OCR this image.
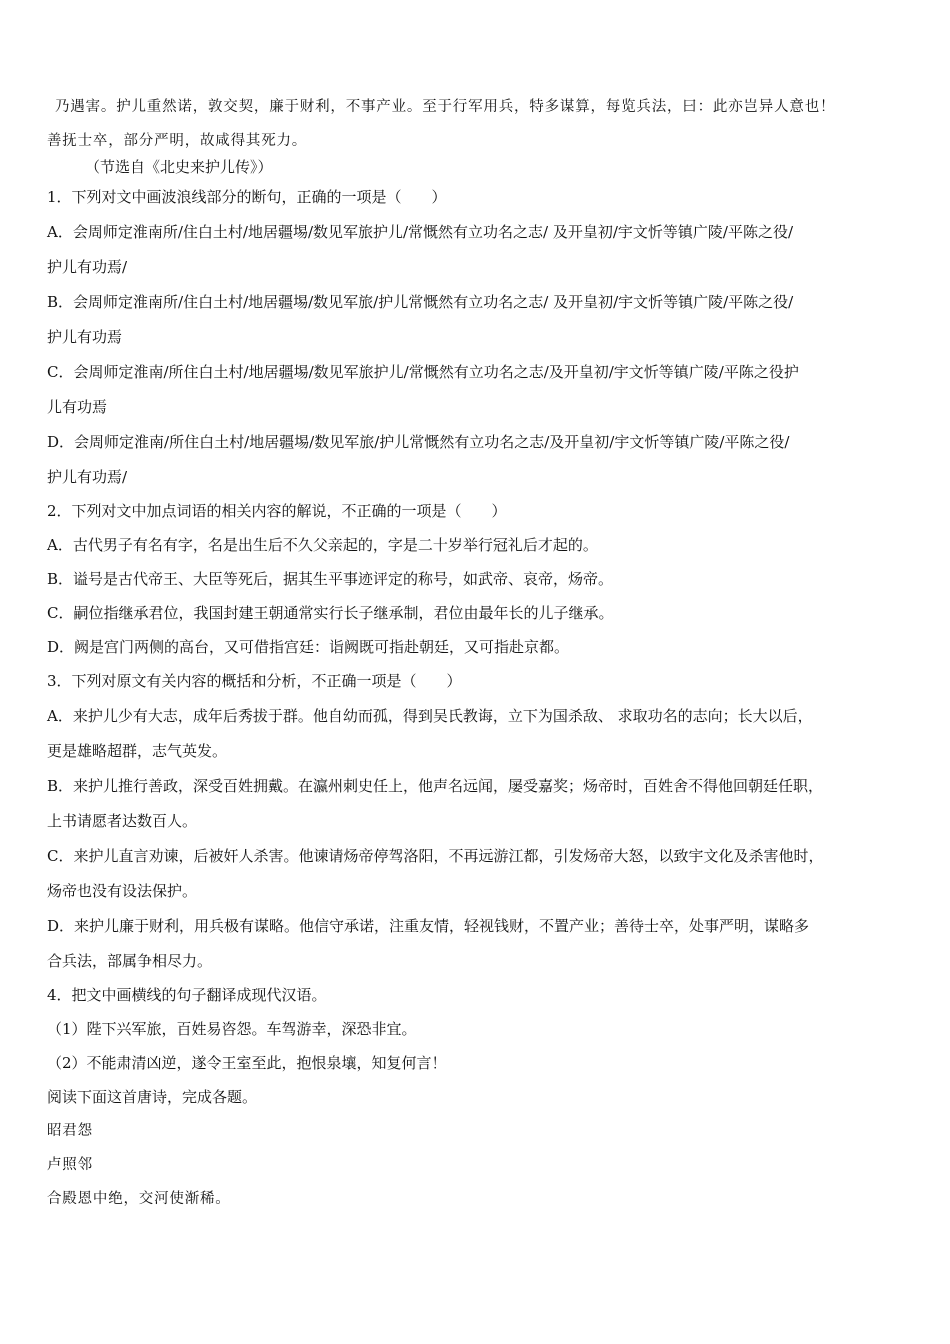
乃遇害。护儿重然诺，敦交契，廉于财利，不事产业。至于行军用兵，特多谋算，每览兵法，曰：此亦岂异人意也！

善抚士卒，部分严明，故咸得其死力。

（节选自《北史来护儿传》）

1．下列对文中画波浪线部分的断句，正确的一项是（　　）

A．会周师定淮南所/住白土村/地居疆埸/数见军旅护儿/常慨然有立功名之志/ 及开皇初/宇文忻等镇广陵/平陈之役/

护儿有功焉/

B．会周师定淮南所/住白土村/地居疆埸/数见军旅/护儿常慨然有立功名之志/ 及开皇初/宇文忻等镇广陵/平陈之役/

护儿有功焉

C．会周师定淮南/所住白土村/地居疆埸/数见军旅护儿/常慨然有立功名之志/及开皇初/宇文忻等镇广陵/平陈之役护

儿有功焉

D．会周师定淮南/所住白土村/地居疆埸/数见军旅/护儿常慨然有立功名之志/及开皇初/宇文忻等镇广陵/平陈之役/

护儿有功焉/

2．下列对文中加点词语的相关内容的解说，不正确的一项是（　　）

A．古代男子有名有字，名是出生后不久父亲起的，字是二十岁举行冠礼后才起的。

B．谥号是古代帝王、大臣等死后，据其生平事迹评定的称号，如武帝、哀帝，炀帝。

C．嗣位指继承君位，我国封建王朝通常实行长子继承制，君位由最年长的儿子继承。

D．阙是宫门两侧的高台，又可借指宫廷：诣阙既可指赴朝廷，又可指赴京都。

3．下列对原文有关内容的概括和分析，不正确一项是（　　）

A．来护儿少有大志，成年后秀拔于群。他自幼而孤，得到吴氏教诲，立下为国杀敌、 求取功名的志向；长大以后，

更是雄略超群，志气英发。

B．来护儿推行善政，深受百姓拥戴。在瀛州刺史任上，他声名远闻，屡受嘉奖；炀帝时，百姓舍不得他回朝廷任职，

上书请愿者达数百人。

C．来护儿直言劝谏，后被奸人杀害。他谏请炀帝停驾洛阳，不再远游江都，引发炀帝大怒，以致宇文化及杀害他时，

炀帝也没有设法保护。

D．来护儿廉于财利，用兵极有谋略。他信守承诺，注重友情，轻视钱财，不置产业；善待士卒，处事严明，谋略多

合兵法，部属争相尽力。

4．把文中画横线的句子翻译成现代汉语。

（1）陛下兴军旅，百姓易咨怨。车驾游幸，深恐非宜。

（2）不能肃清凶逆，遂令王室至此，抱恨泉壤，知复何言！

阅读下面这首唐诗，完成各题。

昭君怨

卢照邻

合殿恩中绝，交河使渐稀。
